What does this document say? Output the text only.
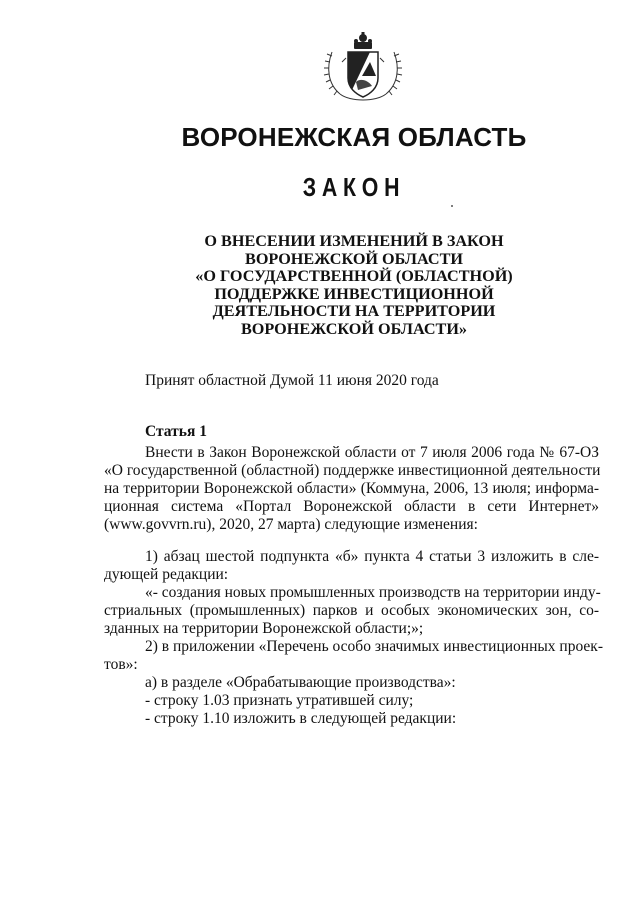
ВОРОНЕЖСКАЯ ОБЛАСТЬ
ЗАКОН
О ВНЕСЕНИИ ИЗМЕНЕНИЙ В ЗАКОН
ВОРОНЕЖСКОЙ ОБЛАСТИ
«О ГОСУДАРСТВЕННОЙ (ОБЛАСТНОЙ)
ПОДДЕРЖКЕ ИНВЕСТИЦИОННОЙ
ДЕЯТЕЛЬНОСТИ НА ТЕРРИТОРИИ
ВОРОНЕЖСКОЙ ОБЛАСТИ»
Принят областной Думой 11 июня 2020 года
Статья 1
Внести в Закон Воронежской области от 7 июля 2006 года № 67-ОЗ
«О государственной (областной) поддержке инвестиционной деятельности
на территории Воронежской области» (Коммуна, 2006, 13 июля; информа-
ционная система «Портал Воронежской области в сети Интернет»
(www.govvrn.ru), 2020, 27 марта) следующие изменения:
1) абзац шестой подпункта «б» пункта 4 статьи 3 изложить в сле-
дующей редакции:
«- создания новых промышленных производств на территории инду-
стриальных (промышленных) парков и особых экономических зон, со-
зданных на территории Воронежской области;»;
2) в приложении «Перечень особо значимых инвестиционных проек-
тов»:
а) в разделе «Обрабатывающие производства»:
- строку 1.03 признать утратившей силу;
- строку 1.10 изложить в следующей редакции:
